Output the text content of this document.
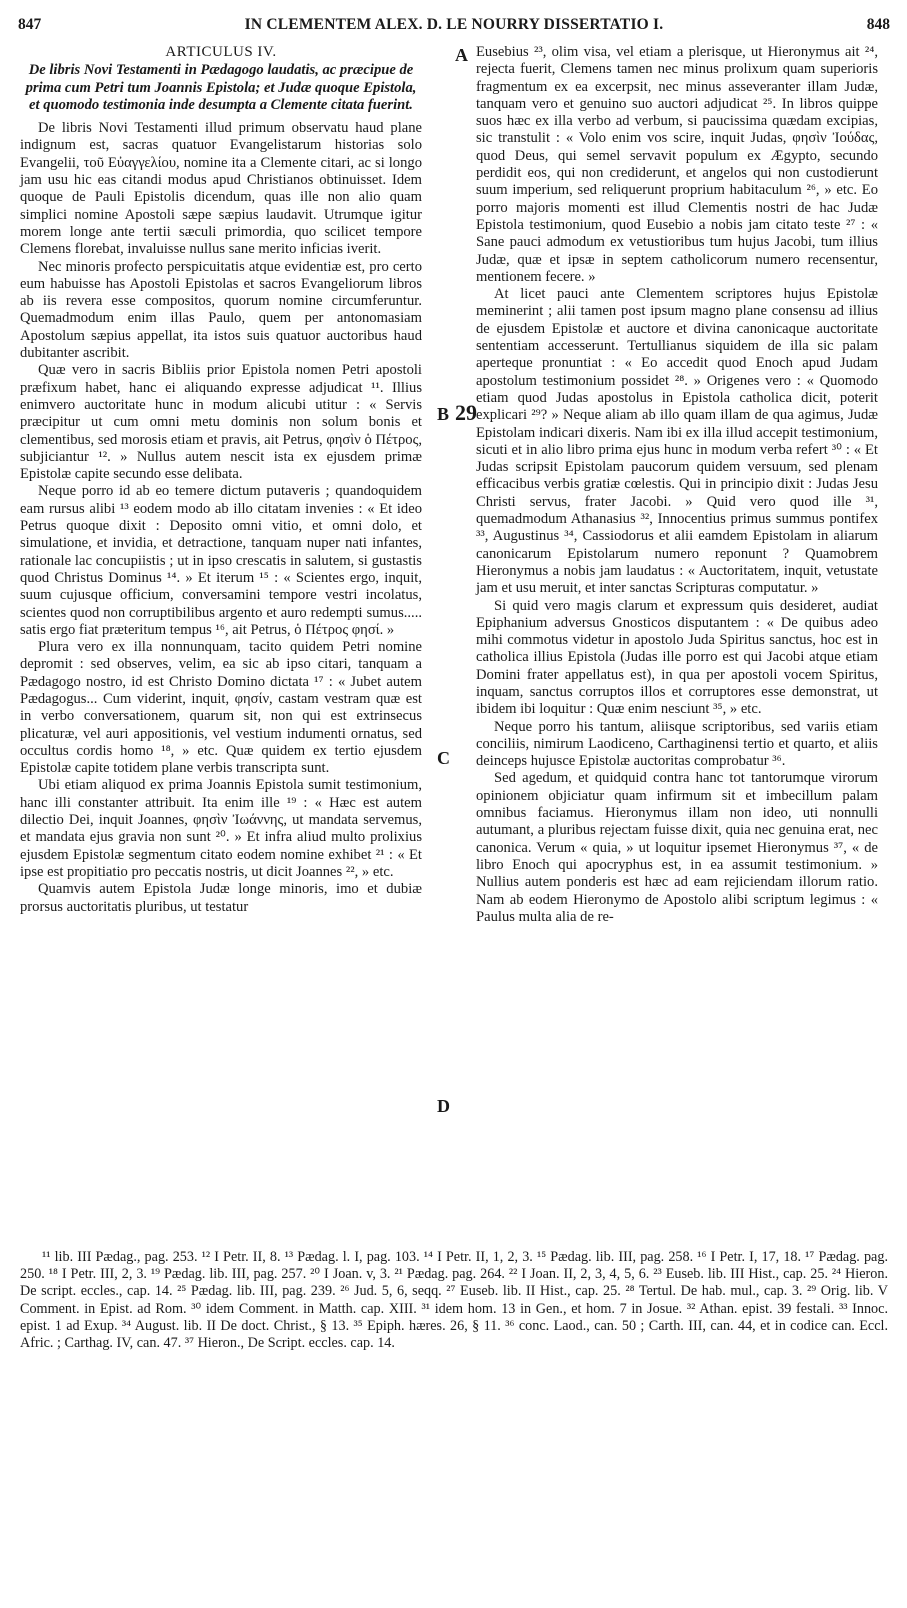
847	IN CLEMENTEM ALEX. D. LE NOURRY DISSERTATIO I.	848
ARTICULUS IV.
De libris Novi Testamenti in Pædagogo laudatis, ac præcipue de prima cum Petri tum Joannis Epistola; et Judæ quoque Epistola, et quomodo testimonia inde desumpta a Clemente citata fuerint.

De libris Novi Testamenti illud primum observatu haud plane indignum est, sacras quatuor Evangelistarum historias solo Evangelii, τοῦ Εὐαγγελίου, nomine ita a Clemente citari, ac si longo jam usu hic eas citandi modus apud Christianos obtinuisset. Idem quoque de Pauli Epistolis dicendum, quas ille non alio quam simplici nomine Apostoli sæpe sæpius laudavit. Utrumque igitur morem longe ante tertii sæculi primordia, quo scilicet tempore Clemens florebat, invaluisse nullus sane merito inficias iverit.

Nec minoris profecto perspicuitatis atque evidentiæ est, pro certo eum habuisse has Apostoli Epistolas et sacros Evangeliorum libros ab iis revera esse compositos, quorum nomine circumferuntur. Quemadmodum enim illas Paulo, quem per antonomasiam Apostolum sæpius appellat, ita istos suis quatuor auctoribus haud dubitanter ascribit.

Quæ vero in sacris Bibliis prior Epistola nomen Petri apostoli præfixum habet, hanc ei aliquando expresse adjudicat ¹¹. Illius enimvero auctoritate hunc in modum alicubi utitur : « Servis præcipitur ut cum omni metu dominis non solum bonis et clementibus, sed morosis etiam et pravis, ait Petrus, φησὶν ὁ Πέτρος, subjiciantur ¹². » Nullus autem nescit ista ex ejusdem primæ Epistolæ capite secundo esse delibata.

Neque porro id ab eo temere dictum putaveris ; quandoquidem eam rursus alibi ¹³ eodem modo ab illo citatam invenies : « Et ideo Petrus quoque dixit : Deposito omni vitio, et omni dolo, et simulatione, et invidia, et detractione, tanquam nuper nati infantes, rationale lac concupiistis ; ut in ipso crescatis in salutem, si gustastis quod Christus Dominus ¹⁴. » Et iterum ¹⁵ : « Scientes ergo, inquit, suum cujusque officium, conversamini tempore vestri incolatus, scientes quod non corruptibilibus argento et auro redempti sumus..... satis ergo fiat præteritum tempus ¹⁶, ait Petrus, ὁ Πέτρος φησί. »

Plura vero ex illa nonnunquam, tacito quidem Petri nomine depromit : sed observes, velim, ea sic ab ipso citari, tanquam a Pædagogo nostro, id est Christo Domino dictata ¹⁷ : « Jubet autem Pædagogus... Cum viderint, inquit, φησίν, castam vestram quæ est in verbo conversationem, quarum sit, non qui est extrinsecus plicaturæ, vel auri appositionis, vel vestium indumenti ornatus, sed occultus cordis homo ¹⁸, » etc. Quæ quidem ex tertio ejusdem Epistolæ capite totidem plane verbis transcripta sunt.

Ubi etiam aliquod ex prima Joannis Epistola sumit testimonium, hanc illi constanter attribuit. Ita enim ille ¹⁹ : « Hæc est autem dilectio Dei, inquit Joannes, φησὶν Ἰωάννης, ut mandata servemus, et mandata ejus gravia non sunt ²⁰. » Et infra aliud multo prolixius ejusdem Epistolæ segmentum citato eodem nomine exhibet ²¹ : « Et ipse est propitiatio pro peccatis nostris, ut dicit Joannes ²², » etc.

Quamvis autem Epistola Judæ longe minoris, imo et dubiæ prorsus auctoritatis pluribus, ut testatur

Eusebius ²³, olim visa, vel etiam a plerisque, ut Hieronymus ait ²⁴, rejecta fuerit, Clemens tamen nec minus prolixum quam superioris fragmentum ex ea excerpsit, nec minus asseveranter illam Judæ, tanquam vero et genuino suo auctori adjudicat ²⁵. In libros quippe suos hæc ex illa verbo ad verbum, si paucissima quædam excipias, sic transtulit : « Volo enim vos scire, inquit Judas, φησὶν Ἰούδας, quod Deus, qui semel servavit populum ex Ægypto, secundo perdidit eos, qui non crediderunt, et angelos qui non custodierunt suum imperium, sed reliquerunt proprium habitaculum ²⁶, » etc. Eo porro majoris momenti est illud Clementis nostri de hac Judæ Epistola testimonium, quod Eusebio a nobis jam citato teste ²⁷ : « Sane pauci admodum ex vetustioribus tum hujus Jacobi, tum illius Judæ, quæ et ipsæ in septem catholicorum numero recensentur, mentionem fecere. »

At licet pauci ante Clementem scriptores hujus Epistolæ meminerint ; alii tamen post ipsum magno plane consensu ad illius de ejusdem Epistolæ et auctore et divina canonicaque auctoritate sententiam accesserunt. Tertullianus siquidem de illa sic palam aperteque pronuntiat : « Eo accedit quod Enoch apud Judam apostolum testimonium possidet ²⁸. » Origenes vero : « Quomodo etiam quod Judas apostolus in Epistola catholica dicit, poterit explicari ²⁹? » Neque aliam ab illo quam illam de qua agimus, Judæ Epistolam indicari dixeris. Nam ibi ex illa illud accepit testimonium, sicuti et in alio libro prima ejus hunc in modum verba refert ³⁰ : « Et Judas scripsit Epistolam paucorum quidem versuum, sed plenam efficacibus verbis gratiæ cœlestis. Qui in principio dixit : Judas Jesu Christi servus, frater Jacobi. » Quid vero quod ille ³¹, quemadmodum Athanasius ³², Innocentius primus summus pontifex ³³, Augustinus ³⁴, Cassiodorus et alii eamdem Epistolam in aliarum canonicarum Epistolarum numero reponunt ? Quamobrem Hieronymus a nobis jam laudatus : « Auctoritatem, inquit, vetustate jam et usu meruit, et inter sanctas Scripturas computatur. »

Si quid vero magis clarum et expressum quis desideret, audiat Epiphanium adversus Gnosticos disputantem : « De quibus adeo mihi commotus videtur in apostolo Juda Spiritus sanctus, hoc est in catholica illius Epistola (Judas ille porro est qui Jacobi atque etiam Domini frater appellatus est), in qua per apostoli vocem Spiritus, inquam, sanctus corruptos illos et corruptores esse demonstrat, ut ibidem ibi loquitur : Quæ enim nesciunt ³⁵, » etc.

Neque porro his tantum, aliisque scriptoribus, sed variis etiam conciliis, nimirum Laodiceno, Carthaginensi tertio et quarto, et aliis deinceps hujusce Epistolæ auctoritas comprobatur ³⁶.

Sed agedum, et quidquid contra hanc tot tantorumque virorum opinionem objiciatur quam infirmum sit et imbecillum palam omnibus faciamus. Hieronymus illam non ideo, uti nonnulli autumant, a pluribus rejectam fuisse dixit, quia nec genuina erat, nec canonica. Verum « quia, » ut loquitur ipsemet Hieronymus ³⁷, « de libro Enoch qui apocryphus est, in ea assumit testimonium. » Nullius autem ponderis est hæc ad eam rejiciendam illorum ratio. Nam ab eodem Hieronymo de Apostolo alibi scriptum legimus : « Paulus multa alia de re-

A
B 29
C
D

¹¹ lib. III Pædag., pag. 253. ¹² I Petr. II, 8. ¹³ Pædag. l. I, pag. 103. ¹⁴ I Petr. II, 1, 2, 3. ¹⁵ Pædag. lib. III, pag. 258. ¹⁶ I Petr. I, 17, 18. ¹⁷ Pædag. pag. 250. ¹⁸ I Petr. III, 2, 3. ¹⁹ Pædag. lib. III, pag. 257. ²⁰ I Joan. v, 3. ²¹ Pædag. pag. 264. ²² I Joan. II, 2, 3, 4, 5, 6. ²³ Euseb. lib. III Hist., cap. 25. ²⁴ Hieron. De script. eccles., cap. 14. ²⁵ Pædag. lib. III, pag. 239. ²⁶ Jud. 5, 6, seqq. ²⁷ Euseb. lib. II Hist., cap. 25. ²⁸ Tertul. De hab. mul., cap. 3. ²⁹ Orig. lib. V Comment. in Epist. ad Rom. ³⁰ idem Comment. in Matth. cap. XIII. ³¹ idem hom. 13 in Gen., et hom. 7 in Josue. ³² Athan. epist. 39 festali. ³³ Innoc. epist. 1 ad Exup. ³⁴ August. lib. II De doct. Christ., § 13. ³⁵ Epiph. hæres. 26, § 11. ³⁶ conc. Laod., can. 50 ; Carth. III, can. 44, et in codice can. Eccl. Afric. ; Carthag. IV, can. 47. ³⁷ Hieron., De Script. eccles. cap. 14.
